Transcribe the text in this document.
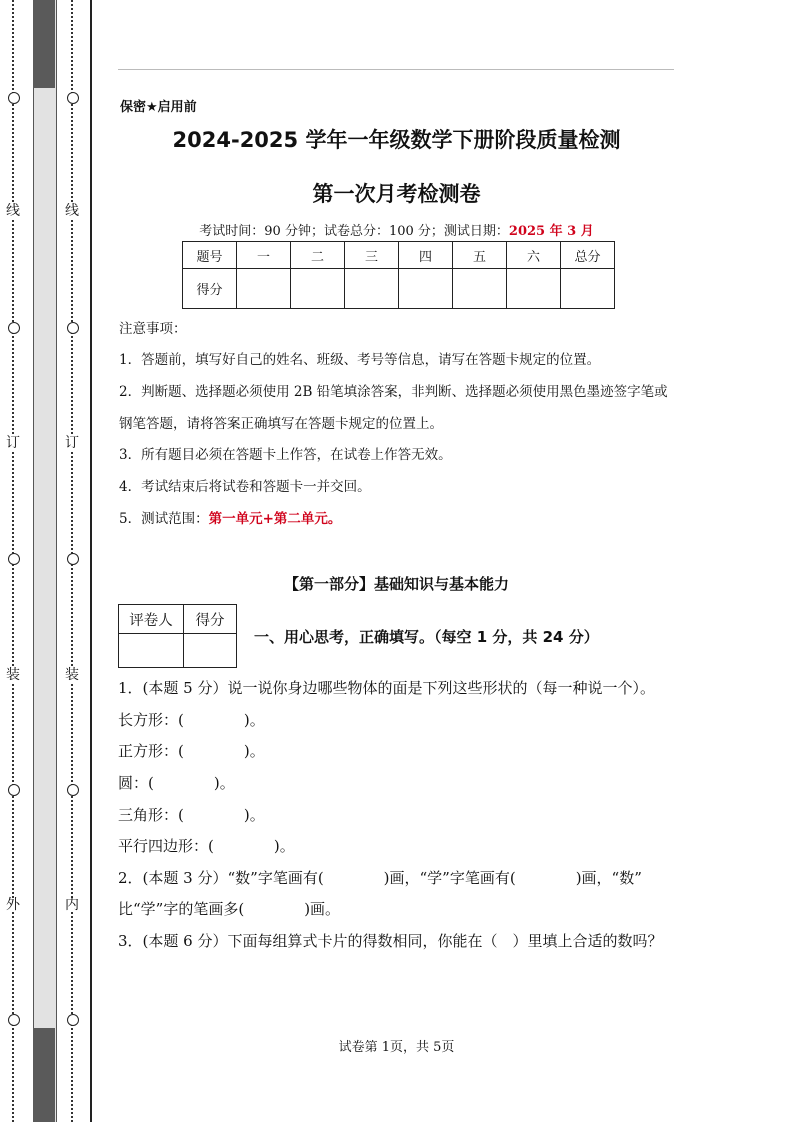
线
订
装
外
线
订
装
内
保密★启用前
2024-2025 学年一年级数学下册阶段质量检测
第一次月考检测卷
考试时间：90 分钟；试卷总分：100 分；测试日期：2025 年 3 月
题号	一	二	三	四	五	六	总分
得分							
注意事项：
1．答题前，填写好自己的姓名、班级、考号等信息，请写在答题卡规定的位置。
2．判断题、选择题必须使用 2B 铅笔填涂答案，非判断、选择题必须使用黑色墨迹签字笔或
钢笔答题，请将答案正确填写在答题卡规定的位置上。
3．所有题目必须在答题卡上作答，在试卷上作答无效。
4．考试结束后将试卷和答题卡一并交回。
5．测试范围：第一单元+第二单元。
【第一部分】基础知识与基本能力
评卷人	得分

一、用心思考，正确填写。（每空 1 分，共 24 分）
1．(本题 5 分）说一说你身边哪些物体的面是下列这些形状的（每一种说一个）。
长方形：(　　　　)。
正方形：(　　　　)。
圆：(　　　　)。
三角形：(　　　　)。
平行四边形：(　　　　)。
2．(本题 3 分）“数”字笔画有(　　　　)画，“学”字笔画有(　　　　)画，“数”
比“学”字的笔画多(　　　　)画。
3．(本题 6 分）下面每组算式卡片的得数相同，你能在（　）里填上合适的数吗？
试卷第 1页，共 5页
